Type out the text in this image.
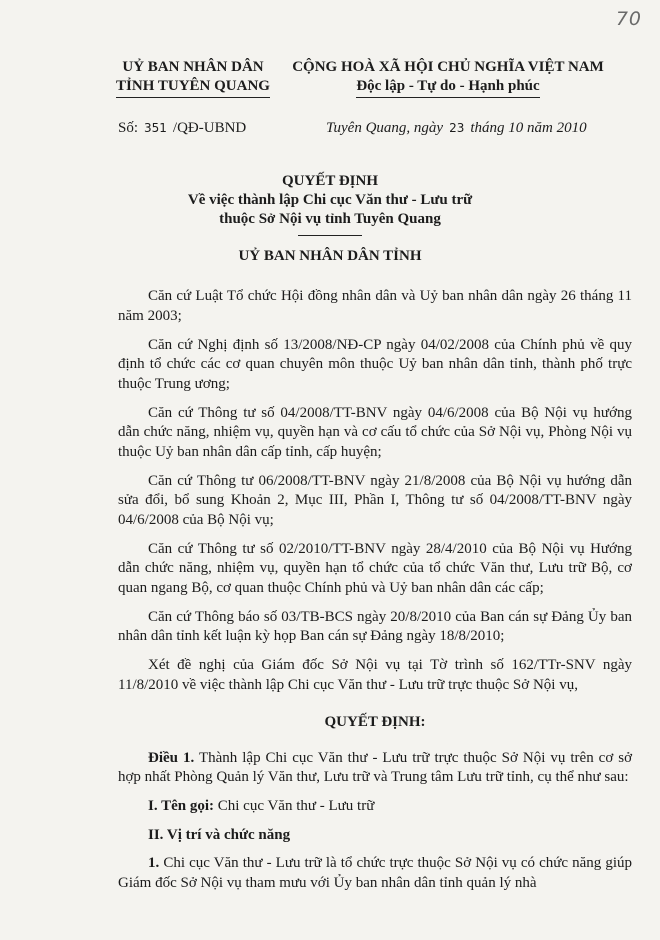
70
UỶ BAN NHÂN DÂN
TỈNH TUYÊN QUANG
CỘNG HOÀ XÃ HỘI CHỦ NGHĨA VIỆT NAM
Độc lập - Tự do - Hạnh phúc
Số: 351 /QĐ-UBND	Tuyên Quang, ngày 23 tháng 10 năm 2010
QUYẾT ĐỊNH
Về việc thành lập Chi cục Văn thư - Lưu trữ
thuộc Sở Nội vụ tỉnh Tuyên Quang
UỶ BAN NHÂN DÂN TỈNH

Căn cứ Luật Tổ chức Hội đồng nhân dân và Uỷ ban nhân dân ngày 26 tháng 11 năm 2003;

Căn cứ Nghị định số 13/2008/NĐ-CP ngày 04/02/2008 của Chính phủ về quy định tổ chức các cơ quan chuyên môn thuộc Uỷ ban nhân dân tỉnh, thành phố trực thuộc Trung ương;

Căn cứ Thông tư số 04/2008/TT-BNV ngày 04/6/2008 của Bộ Nội vụ hướng dẫn chức năng, nhiệm vụ, quyền hạn và cơ cấu tổ chức của Sở Nội vụ, Phòng Nội vụ thuộc Uỷ ban nhân dân cấp tỉnh, cấp huyện;

Căn cứ Thông tư 06/2008/TT-BNV ngày 21/8/2008 của Bộ Nội vụ hướng dẫn sửa đổi, bổ sung Khoản 2, Mục III, Phần I, Thông tư số 04/2008/TT-BNV ngày 04/6/2008 của Bộ Nội vụ;

Căn cứ Thông tư số 02/2010/TT-BNV ngày 28/4/2010 của Bộ Nội vụ Hướng dẫn chức năng, nhiệm vụ, quyền hạn tổ chức của tổ chức Văn thư, Lưu trữ Bộ, cơ quan ngang Bộ, cơ quan thuộc Chính phủ và Uỷ ban nhân dân các cấp;

Căn cứ Thông báo số 03/TB-BCS ngày 20/8/2010 của Ban cán sự Đảng Ủy ban nhân dân tỉnh kết luận kỳ họp Ban cán sự Đảng ngày 18/8/2010;

Xét đề nghị của Giám đốc Sở Nội vụ tại Tờ trình số 162/TTr-SNV ngày 11/8/2010 về việc thành lập Chi cục Văn thư - Lưu trữ trực thuộc Sở Nội vụ,

QUYẾT ĐỊNH:

Điều 1. Thành lập Chi cục Văn thư - Lưu trữ trực thuộc Sở Nội vụ trên cơ sở hợp nhất Phòng Quản lý Văn thư, Lưu trữ và Trung tâm Lưu trữ tỉnh, cụ thể như sau:

I. Tên gọi: Chi cục Văn thư - Lưu trữ

II. Vị trí và chức năng

1. Chi cục Văn thư - Lưu trữ là tổ chức trực thuộc Sở Nội vụ có chức năng giúp Giám đốc Sở Nội vụ tham mưu với Ủy ban nhân dân tỉnh quản lý nhà
